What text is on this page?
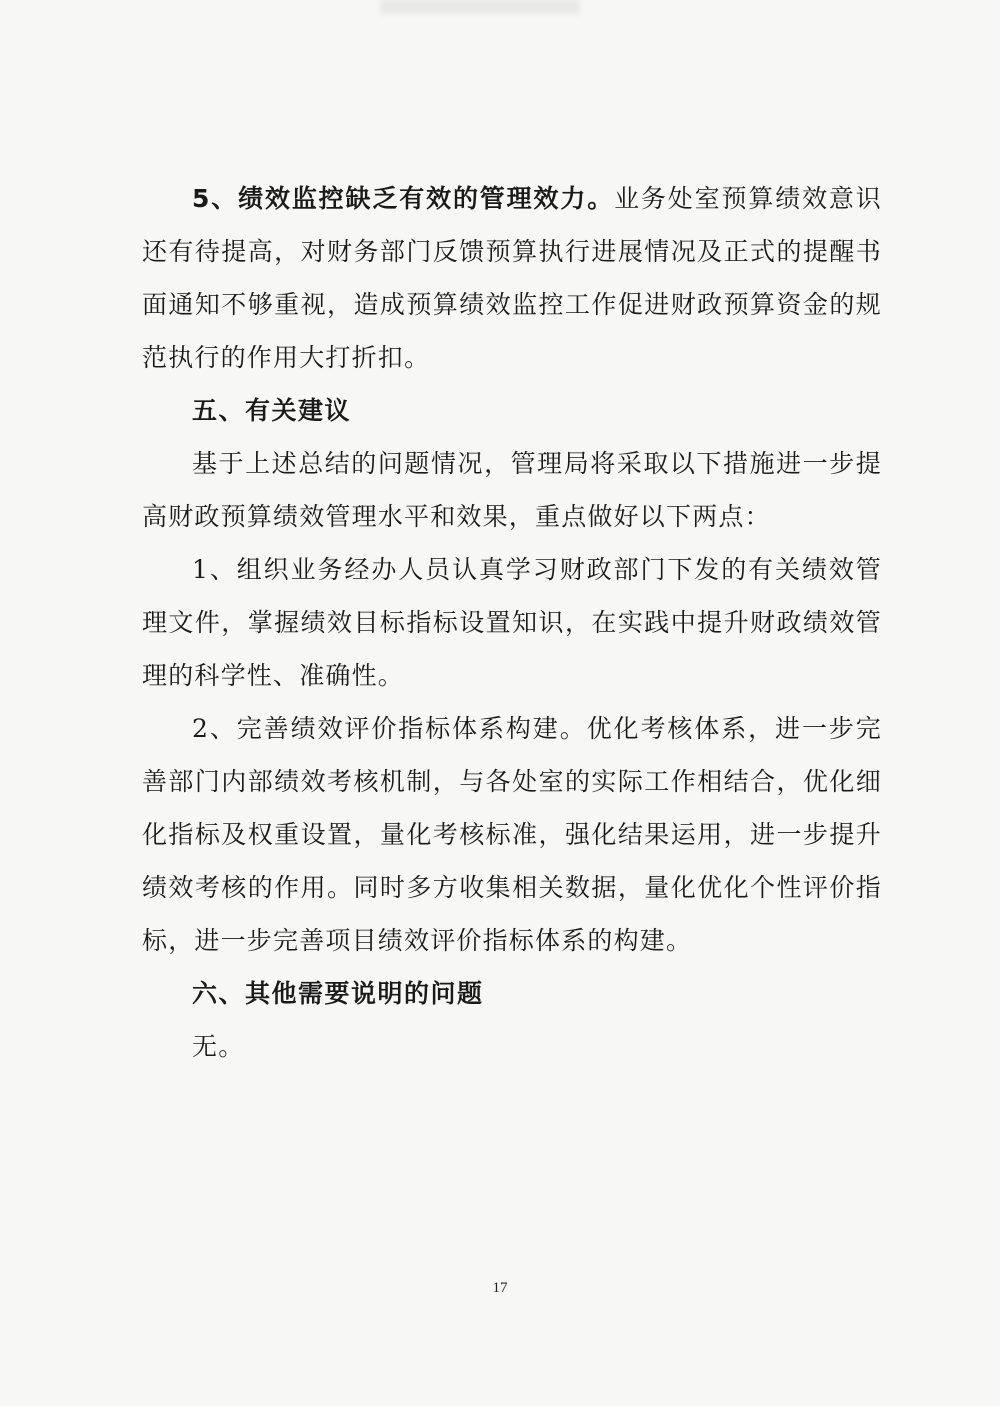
5、绩效监控缺乏有效的管理效力。业务处室预算绩效意识还有待提高，对财务部门反馈预算执行进展情况及正式的提醒书面通知不够重视，造成预算绩效监控工作促进财政预算资金的规范执行的作用大打折扣。

五、有关建议

基于上述总结的问题情况，管理局将采取以下措施进一步提高财政预算绩效管理水平和效果，重点做好以下两点：

1、组织业务经办人员认真学习财政部门下发的有关绩效管理文件，掌握绩效目标指标设置知识，在实践中提升财政绩效管理的科学性、准确性。

2、完善绩效评价指标体系构建。优化考核体系，进一步完善部门内部绩效考核机制，与各处室的实际工作相结合，优化细化指标及权重设置，量化考核标准，强化结果运用，进一步提升绩效考核的作用。同时多方收集相关数据，量化优化个性评价指标，进一步完善项目绩效评价指标体系的构建。

六、其他需要说明的问题

无。

17
